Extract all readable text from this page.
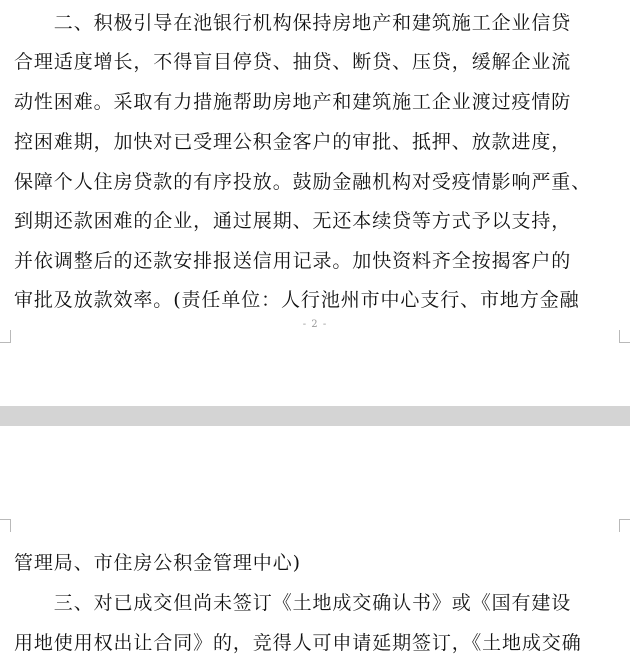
　　二、积极引导在池银行机构保持房地产和建筑施工企业信贷
合理适度增长，不得盲目停贷、抽贷、断贷、压贷，缓解企业流
动性困难。采取有力措施帮助房地产和建筑施工企业渡过疫情防
控困难期，加快对已受理公积金客户的审批、抵押、放款进度，
保障个人住房贷款的有序投放。鼓励金融机构对受疫情影响严重、
到期还款困难的企业，通过展期、无还本续贷等方式予以支持，
并依调整后的还款安排报送信用记录。加快资料齐全按揭客户的
审批及放款效率。(责任单位：人行池州市中心支行、市地方金融
- 2 -
管理局、市住房公积金管理中心)
　　三、对已成交但尚未签订《土地成交确认书》或《国有建设
用地使用权出让合同》的，竞得人可申请延期签订，《土地成交确
